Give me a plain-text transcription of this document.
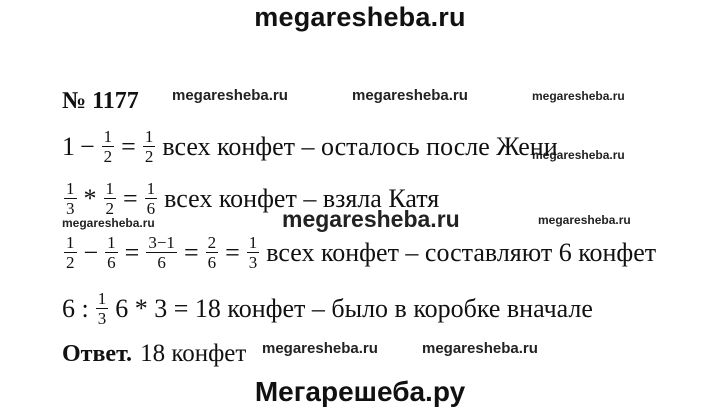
megaresheba.ru
№ 1177 megaresheba.ru	megaresheba.ru	megaresheba.ru
megaresheba.ru
megaresheba.ru
megaresheba.ru	megaresheba.ru
megaresheba.ru	megaresheba.ru
$1 - \frac{1}{2} = \frac{1}{2}$ всех конфет – осталось после Жени
$\frac{1}{3} * \frac{1}{2} = \frac{1}{6}$ всех конфет – взяла Катя
$\frac{1}{2} - \frac{1}{6} = \frac{3-1}{6} = \frac{2}{6} = \frac{1}{3}$ всех конфет – составляют 6 конфет
6 : $\frac{1}{3} 6 * 3 = 18$ конфет – было в коробке вначале
Ответ. 18 конфет
Мегарешеба.ру
